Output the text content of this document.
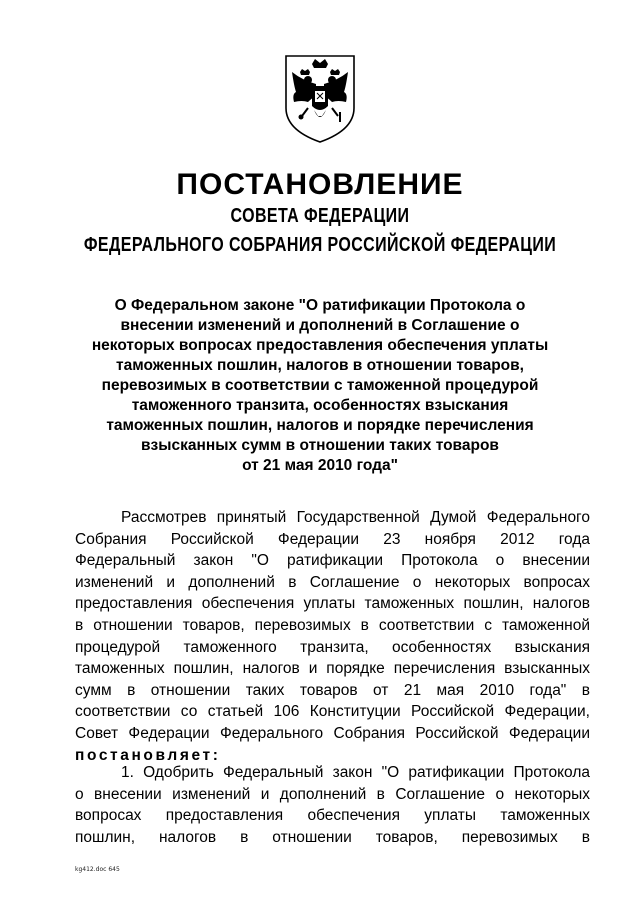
ПОСТАНОВЛЕНИЕ
СОВЕТА ФЕДЕРАЦИИ
ФЕДЕРАЛЬНОГО СОБРАНИЯ РОССИЙСКОЙ ФЕДЕРАЦИИ
О Федеральном законе "О ратификации Протокола о
внесении изменений и дополнений в Соглашение о
некоторых вопросах предоставления обеспечения уплаты
таможенных пошлин, налогов в отношении товаров,
перевозимых в соответствии с таможенной процедурой
таможенного транзита, особенностях взыскания
таможенных пошлин, налогов и порядке перечисления
взысканных сумм в отношении таких товаров
от 21 мая 2010 года"
Рассмотрев принятый Государственной Думой Федерального
Собрания Российской Федерации 23 ноября 2012 года
Федеральный закон "О ратификации Протокола о внесении
изменений и дополнений в Соглашение о некоторых вопросах
предоставления обеспечения уплаты таможенных пошлин, налогов
в отношении товаров, перевозимых в соответствии с таможенной
процедурой таможенного транзита, особенностях взыскания
таможенных пошлин, налогов и порядке перечисления взысканных
сумм в отношении таких товаров от 21 мая 2010 года" в
соответствии со статьей 106 Конституции Российской Федерации,
Совет Федерации Федерального Собрания Российской Федерации
постановляет:
1. Одобрить Федеральный закон "О ратификации Протокола
о внесении изменений и дополнений в Соглашение о некоторых
вопросах предоставления обеспечения уплаты таможенных
пошлин, налогов в отношении товаров, перевозимых в
kg412.doc 645
